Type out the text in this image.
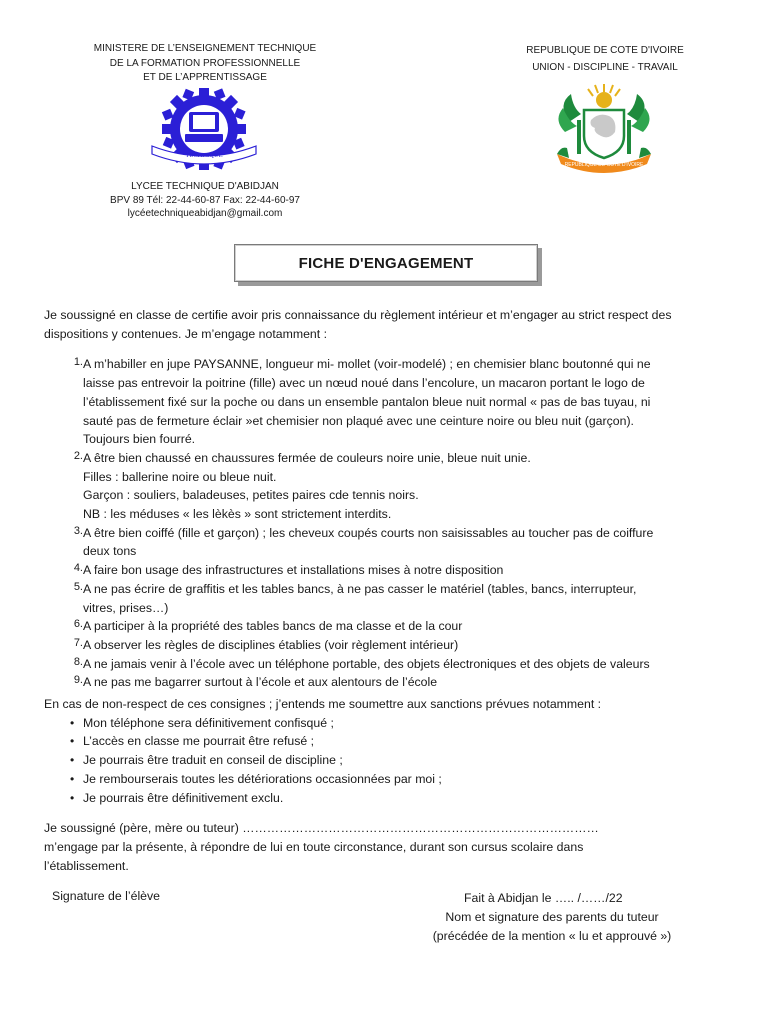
MINISTERE DE L’ENSEIGNEMENT TECHNIQUE
DE LA FORMATION PROFESSIONNELLE
ET DE L’APPRENTISSAGE
REPUBLIQUE DE COTE D'IVOIRE
UNION - DISCIPLINE - TRAVAIL
TECHNIQUE
REPUBLIQUE DE CÔTE D'IVOIRE
LYCEE TECHNIQUE D'ABIDJAN
BPV 89 Tél: 22-44-60-87 Fax: 22-44-60-97
lycéetechniqueabidjan@gmail.com
FICHE D'ENGAGEMENT

Je soussigné en classe de certifie avoir pris connaissance du règlement intérieur et m’engager au strict respect des dispositions y contenues. Je m’engage notamment :

1. A m’habiller en jupe PAYSANNE, longueur mi- mollet (voir-modelé) ; en chemisier blanc boutonné qui ne
laisse pas entrevoir la poitrine (fille) avec un nœud noué dans l’encolure, un macaron portant le logo de
l’établissement fixé sur la poche ou dans un ensemble pantalon bleue nuit normal « pas de bas tuyau, ni
sauté pas de fermeture éclair »et chemisier non plaqué avec une ceinture noire ou bleu nuit (garçon).
Toujours bien fourré.
2. A être bien chaussé en chaussures fermée de couleurs noire unie, bleue nuit unie.
Filles : ballerine noire ou bleue nuit.
Garçon : souliers, baladeuses, petites paires cde tennis noirs.
NB : les méduses « les lèkès » sont strictement interdits.
3. A être bien coiffé (fille et garçon) ; les cheveux coupés courts non saisissables au toucher pas de coiffure
deux tons
4. A faire bon usage des infrastructures et installations mises à notre disposition
5. A ne pas écrire de graffitis et les tables bancs, à ne pas casser le matériel (tables, bancs, interrupteur,
vitres, prises…)
6. A participer à la propriété des tables bancs de ma classe et de la cour
7. A observer les règles de disciplines établies (voir règlement intérieur)
8. A ne jamais venir à l’école avec un téléphone portable, des objets électroniques et des objets de valeurs
9. A ne pas me bagarrer surtout à l’école et aux alentours de l’école

En cas de non-respect de ces consignes ; j’entends me soumettre aux sanctions prévues notamment :

• Mon téléphone sera définitivement confisqué ;
• L’accès en classe me pourrait être refusé ;
• Je pourrais être traduit en conseil de discipline ;
• Je rembourserais toutes les détériorations occasionnées par moi ;
• Je pourrais être définitivement exclu.
Je soussigné (père, mère ou tuteur) ……………………………………………………………………………
m’engage par la présente, à répondre de lui en toute circonstance, durant son cursus scolaire dans
l’établissement.
Signature de l’élève	Fait à Abidjan le ….. /……/22
Nom et signature des parents du tuteur
(précédée de la mention « lu et approuvé »)
